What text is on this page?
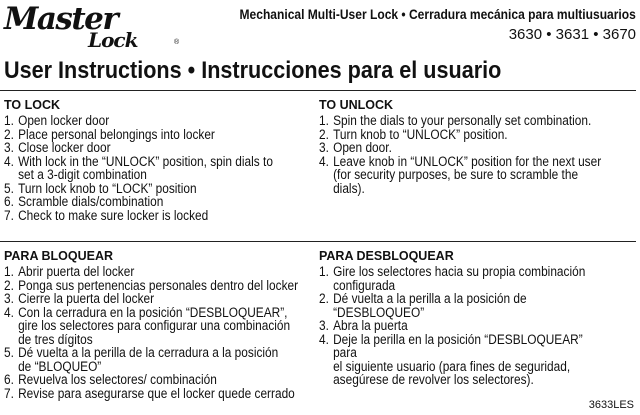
Master
Lock	®
Mechanical Multi-User Lock • Cerradura mecánica para multiusuarios
3630 • 3631 • 3670
User Instructions • Instrucciones para el usuario
TO LOCK
1. Open locker door
2. Place personal belongings into locker
3. Close locker door
4. With lock in the “UNLOCK” position, spin dials to
set a 3-digit combination
5. Turn lock knob to “LOCK” position
6. Scramble dials/combination
7. Check to make sure locker is locked
TO UNLOCK
1. Spin the dials to your personally set combination.
2. Turn knob to “UNLOCK” position.
3. Open door.
4. Leave knob in “UNLOCK” position for the next user
(for security purposes, be sure to scramble the dials).
PARA BLOQUEAR
1. Abrir puerta del locker
2. Ponga sus pertenencias personales dentro del locker
3. Cierre la puerta del locker
4. Con la cerradura en la posición “DESBLOQUEAR”,
gire los selectores para configurar una combinación
de tres dígitos
5. Dé vuelta a la perilla de la cerradura a la posición
de “BLOQUEO”
6. Revuelva los selectores/ combinación
7. Revise para asegurarse que el locker quede cerrado
PARA DESBLOQUEAR
1. Gire los selectores hacia su propia combinación
configurada
2. Dé vuelta a la perilla a la posición de “DESBLOQUEO”
3. Abra la puerta
4. Deje la perilla en la posición “DESBLOQUEAR” para
el siguiente usuario (para fines de seguridad,
asegúrese de revolver los selectores).
3633LES
